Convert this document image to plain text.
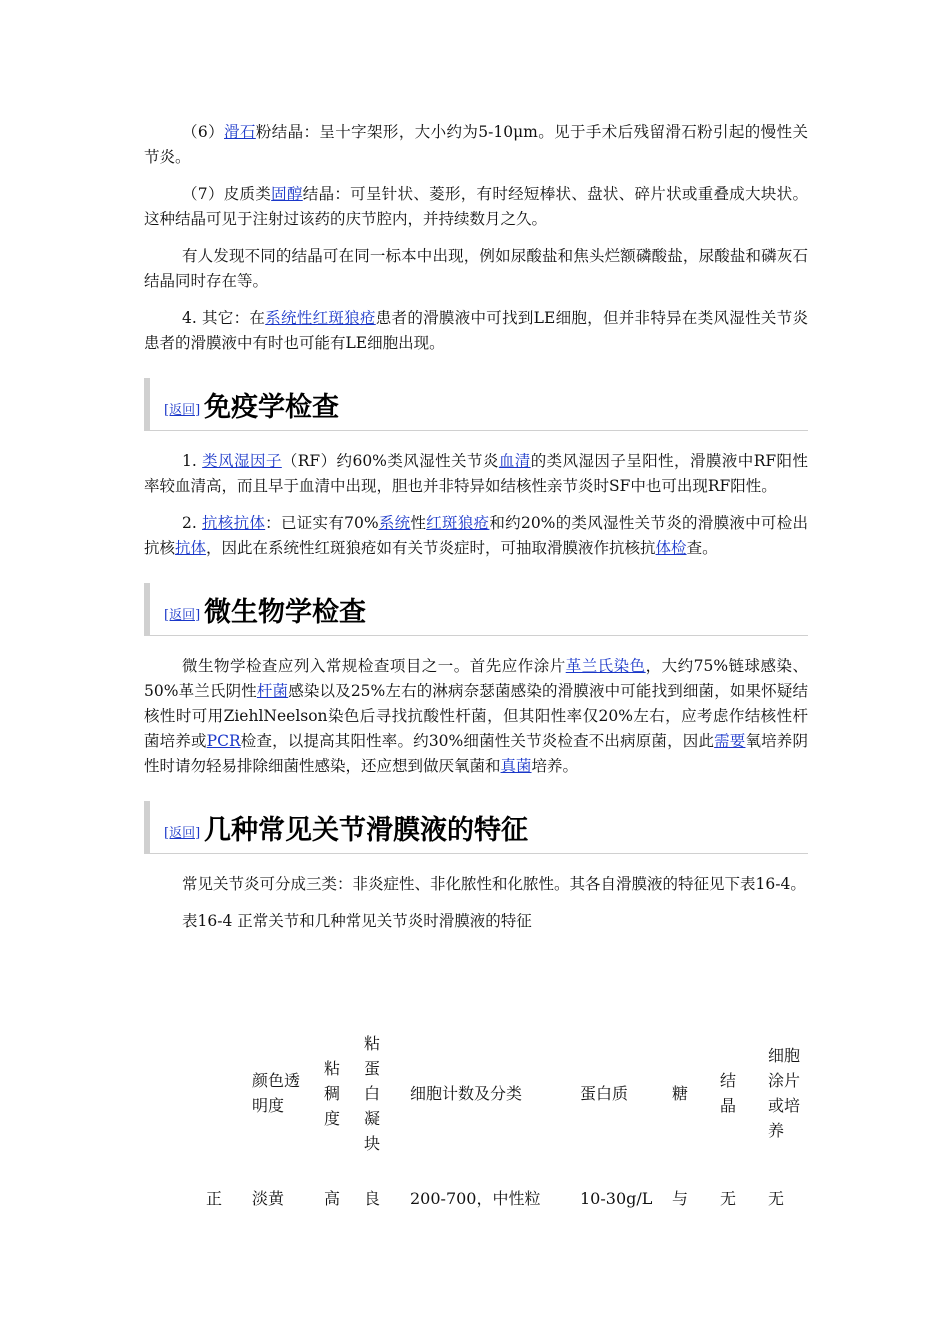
（6）滑石粉结晶：呈十字架形，大小约为5-10μm。见于手术后残留滑石粉引起的慢性关节炎。

（7）皮质类固醇结晶：可呈针状、菱形，有时经短棒状、盘状、碎片状或重叠成大块状。这种结晶可见于注射过该药的庆节腔内，并持续数月之久。

有人发现不同的结晶可在同一标本中出现，例如尿酸盐和焦头烂额磷酸盐，尿酸盐和磷灰石结晶同时存在等。

4. 其它：在系统性红斑狼疮患者的滑膜液中可找到LE细胞，但并非特异在类风湿性关节炎患者的滑膜液中有时也可能有LE细胞出现。

[返回] 免疫学检查

1. 类风湿因子（RF）约60%类风湿性关节炎血清的类风湿因子呈阳性，滑膜液中RF阳性率较血清高，而且早于血清中出现，胆也并非特异如结核性亲节炎时SF中也可出现RF阳性。

2. 抗核抗体：已证实有70%系统性红斑狼疮和约20%的类风湿性关节炎的滑膜液中可检出抗核抗体，因此在系统性红斑狼疮如有关节炎症时，可抽取滑膜液作抗核抗体检查。

[返回] 微生物学检查

微生物学检查应列入常规检查项目之一。首先应作涂片革兰氏染色，大约75%链球感染、50%革兰氏阴性杆菌感染以及25%左右的淋病奈瑟菌感染的滑膜液中可能找到细菌，如果怀疑结核性时可用ZiehlNeelson染色后寻找抗酸性杆菌，但其阳性率仅20%左右，应考虑作结核性杆菌培养或PCR检查，以提高其阳性率。约30%细菌性关节炎检查不出病原菌，因此需要氧培养阴性时请勿轻易排除细菌性感染，还应想到做厌氧菌和真菌培养。

[返回] 几种常见关节滑膜液的特征

常见关节炎可分成三类：非炎症性、非化脓性和化脓性。其各自滑膜液的特征见下表16-4。

表16-4 正常关节和几种常见关节炎时滑膜液的特征

	颜色透明度	粘稠度	粘蛋白凝块	细胞计数及分类	蛋白质	糖	结晶	细胞涂片或培养
正	淡黄	高	良	200-700，中性粒	10-30g/L	与	无	无
